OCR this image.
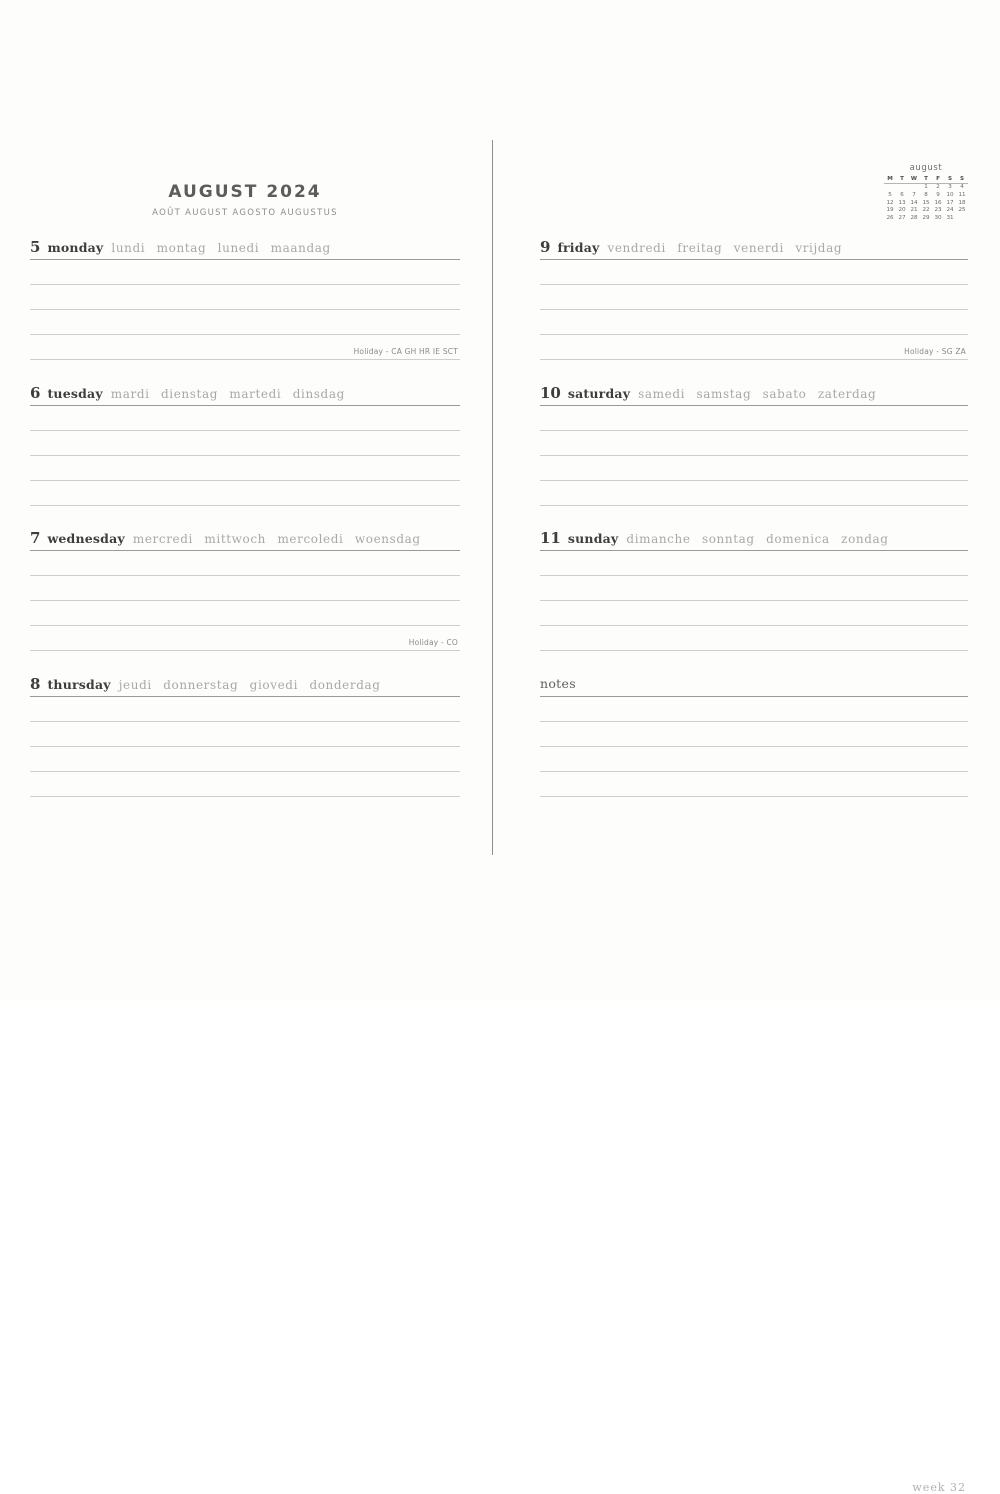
AUGUST 2024
AOÛT AUGUST AGOSTO AUGUSTUS
august
M	T	W	T	F	S	S
			1	2	3	4
5	6	7	8	9	10	11
12	13	14	15	16	17	18
19	20	21	22	23	24	25
26	27	28	29	30	31	
5 monday lundi montag lunedi maandag
Holiday - CA GH HR IE SCT
6 tuesday mardi dienstag martedi dinsdag
7 wednesday mercredi mittwoch mercoledi woensdag
Holiday - CO
8 thursday jeudi donnerstag giovedi donderdag
9 friday vendredi freitag venerdi vrijdag
Holiday - SG ZA
10 saturday samedi samstag sabato zaterdag
11 sunday dimanche sonntag domenica zondag
notes
week 32
